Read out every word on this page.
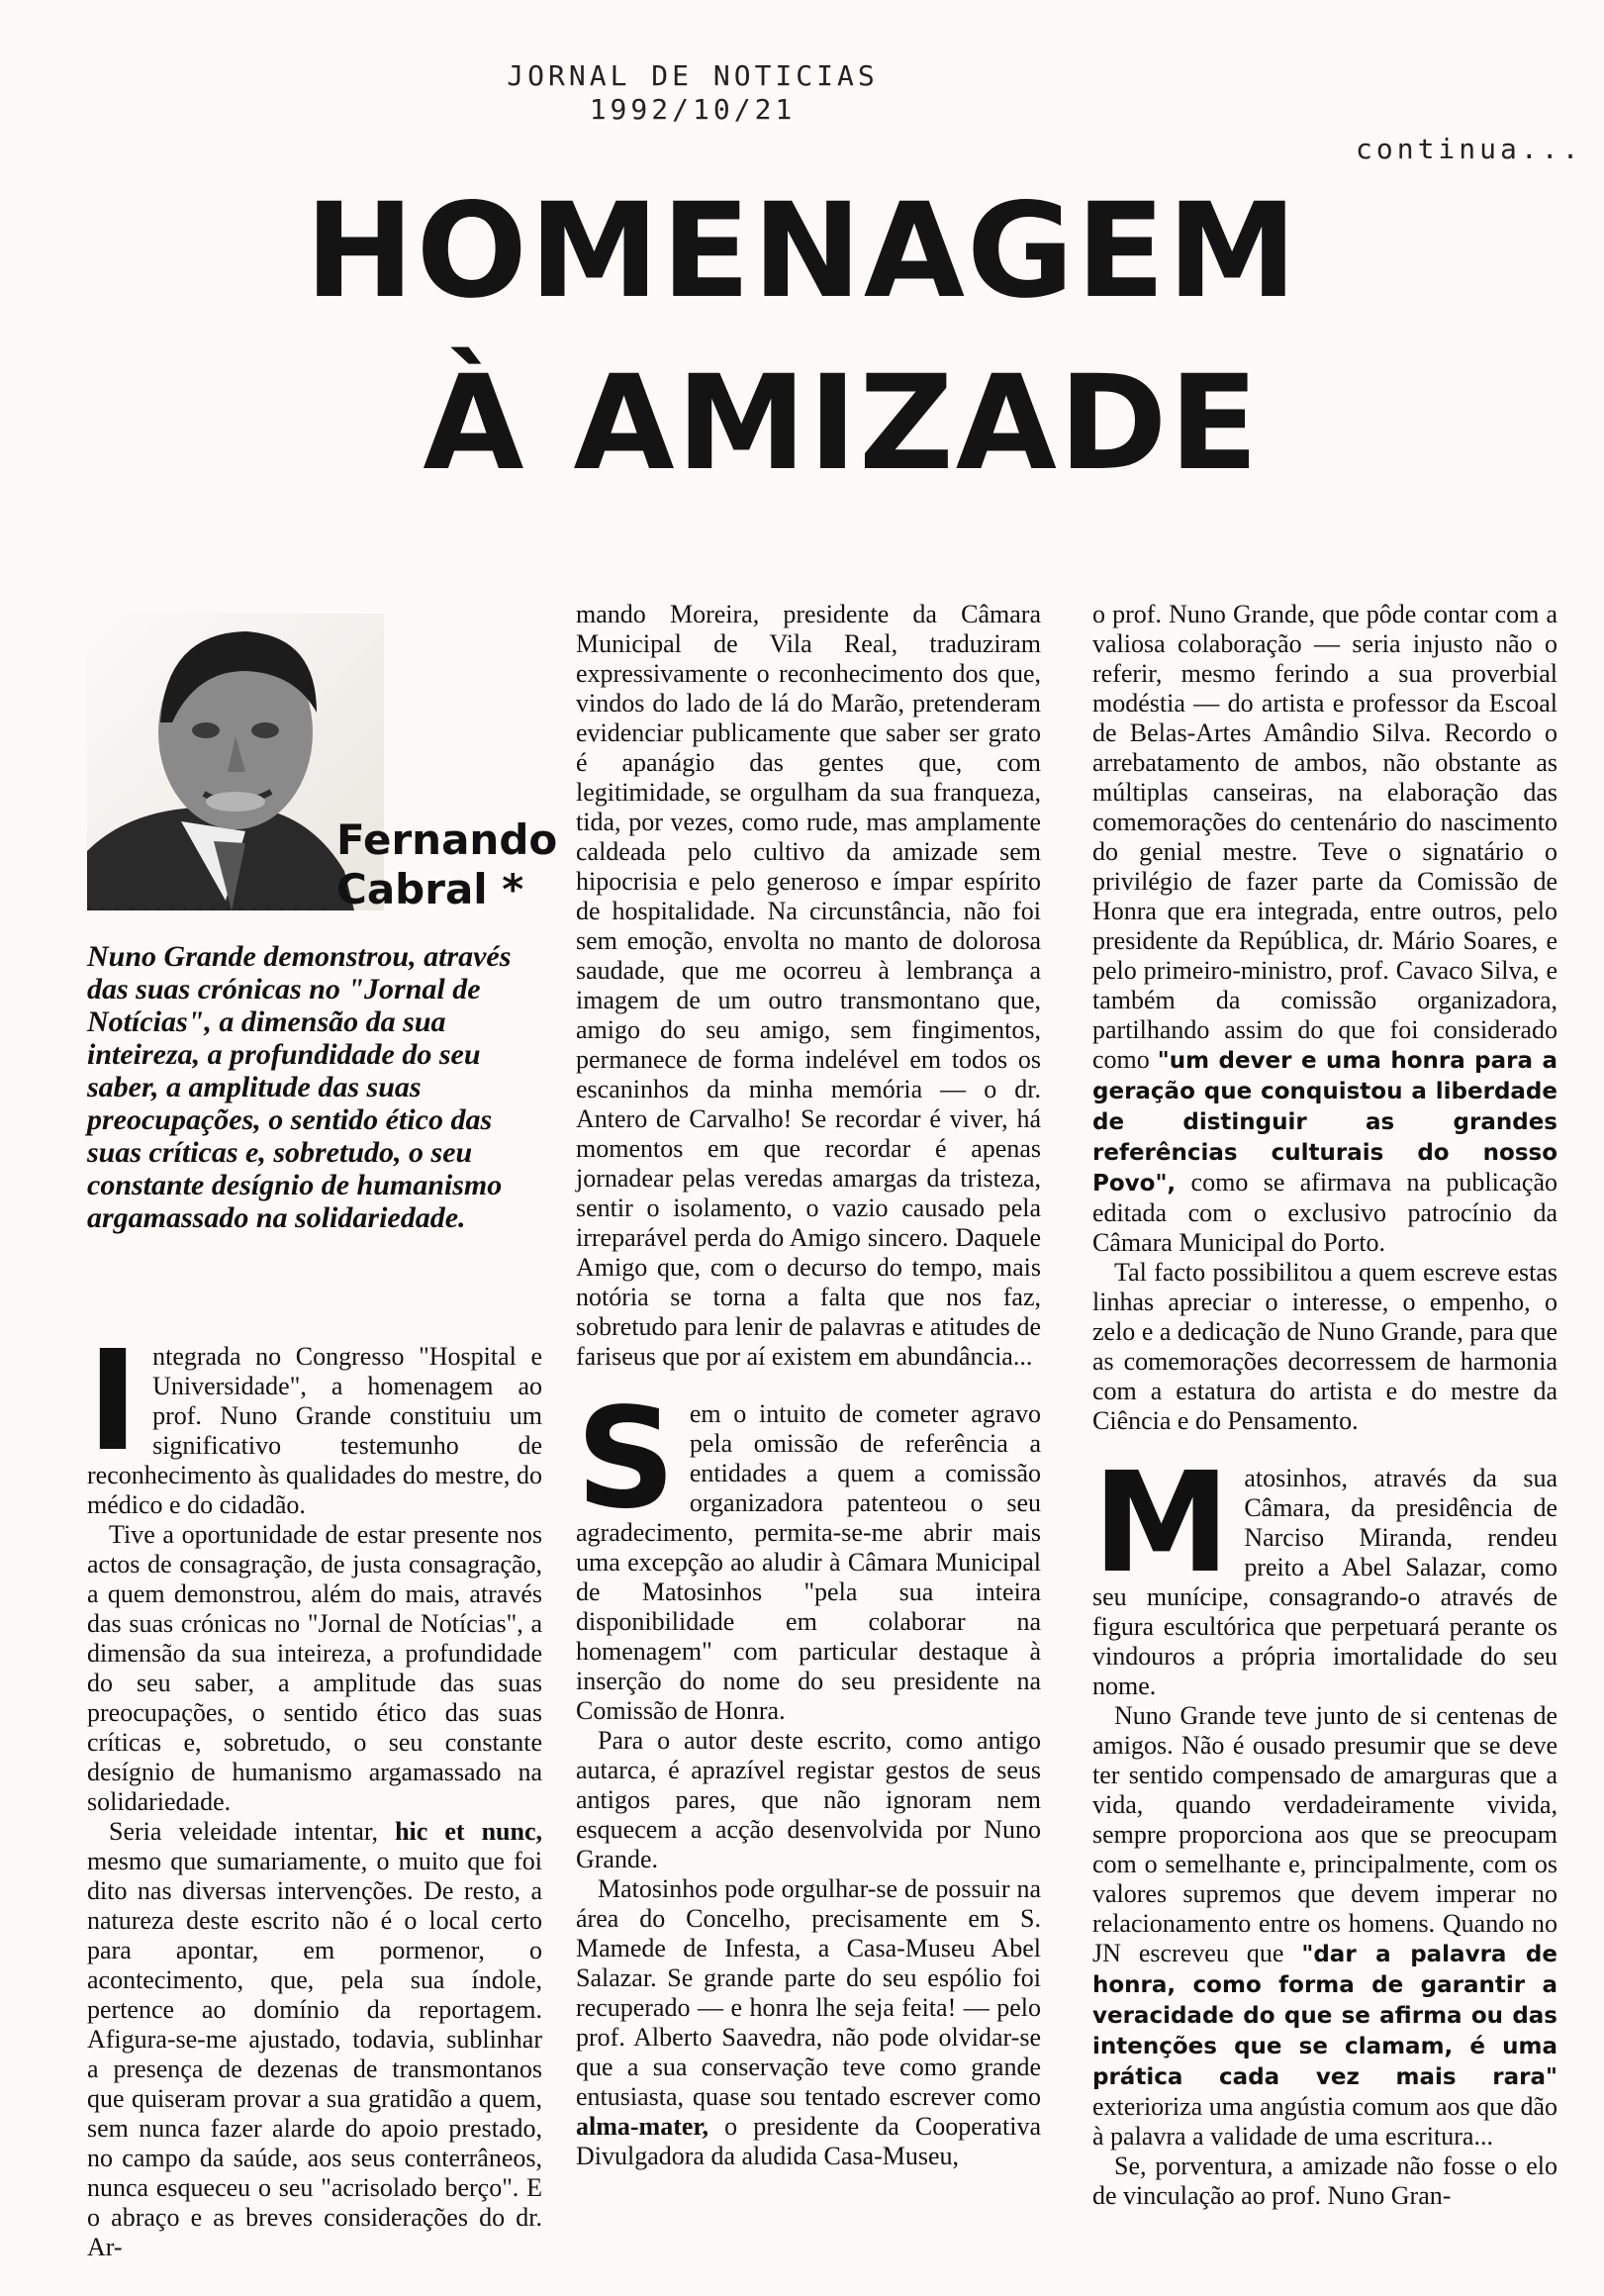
JORNAL DE NOTICIAS
1992/10/21
continua...
HOMENAGEM
À AMIZADE
Fernando
Cabral *
••••••••••••••••••
Nuno Grande demonstrou, através das suas crónicas no "Jornal de Notícias", a dimensão da sua inteireza, a profundidade do seu saber, a amplitude das suas preocupações, o sentido ético das suas críticas e, sobretudo, o seu constante desígnio de humanismo argamassado na solidariedade.

Integrada no Congresso "Hospital e Universidade", a homenagem ao prof. Nuno Grande constituiu um significativo testemunho de reconhecimento às qualidades do mestre, do médico e do cidadão.

Tive a oportunidade de estar presente nos actos de consagração, de justa consagração, a quem demonstrou, além do mais, através das suas crónicas no "Jornal de Notícias", a dimensão da sua inteireza, a profundidade do seu saber, a amplitude das suas preocupações, o sentido ético das suas críticas e, sobretudo, o seu constante desígnio de humanismo argamassado na solidariedade.

Seria veleidade intentar, hic et nunc, mesmo que sumariamente, o muito que foi dito nas diversas intervenções. De resto, a natureza deste escrito não é o local certo para apontar, em pormenor, o acontecimento, que, pela sua índole, pertence ao domínio da reportagem. Afigura-se-me ajustado, todavia, sublinhar a presença de dezenas de transmontanos que quiseram provar a sua gratidão a quem, sem nunca fazer alarde do apoio prestado, no campo da saúde, aos seus conterrâneos, nunca esqueceu o seu "acrisolado berço". E o abraço e as breves considerações do dr. Ar-

mando Moreira, presidente da Câmara Municipal de Vila Real, traduziram expressivamente o reconhecimento dos que, vindos do lado de lá do Marão, pretenderam evidenciar publicamente que saber ser grato é apanágio das gentes que, com legitimidade, se orgulham da sua franqueza, tida, por vezes, como rude, mas amplamente caldeada pelo cultivo da amizade sem hipocrisia e pelo generoso e ímpar espírito de hospitalidade. Na circunstância, não foi sem emoção, envolta no manto de dolorosa saudade, que me ocorreu à lembrança a imagem de um outro transmontano que, amigo do seu amigo, sem fingimentos, permanece de forma indelével em todos os escaninhos da minha memória — o dr. Antero de Carvalho! Se recordar é viver, há momentos em que recordar é apenas jornadear pelas veredas amargas da tristeza, sentir o isolamento, o vazio causado pela irreparável perda do Amigo sincero. Daquele Amigo que, com o decurso do tempo, mais notória se torna a falta que nos faz, sobretudo para lenir de palavras e atitudes de fariseus que por aí existem em abundância...

Sem o intuito de cometer agravo pela omissão de referência a entidades a quem a comissão organizadora patenteou o seu agradecimento, permita-se-me abrir mais uma excepção ao aludir à Câmara Municipal de Matosinhos "pela sua inteira disponibilidade em colaborar na homenagem" com particular destaque à inserção do nome do seu presidente na Comissão de Honra.

Para o autor deste escrito, como antigo autarca, é aprazível registar gestos de seus antigos pares, que não ignoram nem esquecem a acção desenvolvida por Nuno Grande.

Matosinhos pode orgulhar-se de possuir na área do Concelho, precisamente em S. Mamede de Infesta, a Casa-Museu Abel Salazar. Se grande parte do seu espólio foi recuperado — e honra lhe seja feita! — pelo prof. Alberto Saavedra, não pode olvidar-se que a sua conservação teve como grande entusiasta, quase sou tentado escrever como alma-mater, o presidente da Cooperativa Divulgadora da aludida Casa-Museu,

o prof. Nuno Grande, que pôde contar com a valiosa colaboração — seria injusto não o referir, mesmo ferindo a sua proverbial modéstia — do artista e professor da Escoal de Belas-Artes Amândio Silva. Recordo o arrebatamento de ambos, não obstante as múltiplas canseiras, na elaboração das comemorações do centenário do nascimento do genial mestre. Teve o signatário o privilégio de fazer parte da Comissão de Honra que era integrada, entre outros, pelo presidente da República, dr. Mário Soares, e pelo primeiro-ministro, prof. Cavaco Silva, e também da comissão organizadora, partilhando assim do que foi considerado como "um dever e uma honra para a geração que conquistou a liberdade de distinguir as grandes referências culturais do nosso Povo", como se afirmava na publicação editada com o exclusivo patrocínio da Câmara Municipal do Porto.

Tal facto possibilitou a quem escreve estas linhas apreciar o interesse, o empenho, o zelo e a dedicação de Nuno Grande, para que as comemorações decorressem de harmonia com a estatura do artista e do mestre da Ciência e do Pensamento.

Matosinhos, através da sua Câmara, da presidência de Narciso Miranda, rendeu preito a Abel Salazar, como seu munícipe, consagrando-o através de figura escultórica que perpetuará perante os vindouros a própria imortalidade do seu nome.

Nuno Grande teve junto de si centenas de amigos. Não é ousado presumir que se deve ter sentido compensado de amarguras que a vida, quando verdadeiramente vivida, sempre proporciona aos que se preocupam com o semelhante e, principalmente, com os valores supremos que devem imperar no relacionamento entre os homens. Quando no JN escreveu que "dar a palavra de honra, como forma de garantir a veracidade do que se afirma ou das intenções que se clamam, é uma prática cada vez mais rara" exterioriza uma angústia comum aos que dão à palavra a validade de uma escritura...

Se, porventura, a amizade não fosse o elo de vinculação ao prof. Nuno Gran-
